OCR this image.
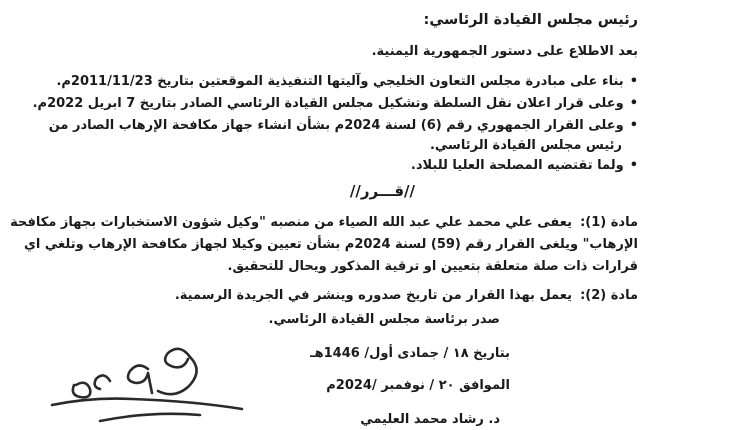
رئيس مجلس القيادة الرئاسي:
بعد الاطلاع على دستور الجمهورية اليمنية.
• بناء على مبادرة مجلس التعاون الخليجي وآليتها التنفيذية الموقعتين بتاريخ 2011/11/23م.
• وعلى قرار اعلان نقل السلطة وتشكيل مجلس القيادة الرئاسي الصادر بتاريخ 7 ابريل 2022م.
• وعلى القرار الجمهوري رقم (6) لسنة 2024م بشأن انشاء جهاز مكافحة الإرهاب الصادر من
رئيس مجلس القيادة الرئاسي.
• ولما تقتضيه المصلحة العليا للبلاد.
//قـــرر//
مادة (1):
يعفى علي محمد علي عبد الله الصياء من منصبه "وكيل شؤون الاستخبارات بجهاز مكافحة
الإرهاب" ويلغى القرار رقم (59) لسنة 2024م بشأن تعيين وكيلا لجهاز مكافحة الإرهاب وتلغي اي
قرارات ذات صلة متعلقة بتعيين او ترقية المذكور ويحال للتحقيق.
مادة (2):
يعمل بهذا القرار من تاريخ صدوره وينشر في الجريدة الرسمية.
صدر برئاسة مجلس القيادة الرئاسي.
بتاريخ ١٨ / جمادى أول/ 1446هـ
الموافق ٢٠ / نوفمبر /2024م
د. رشاد محمد العليمي
